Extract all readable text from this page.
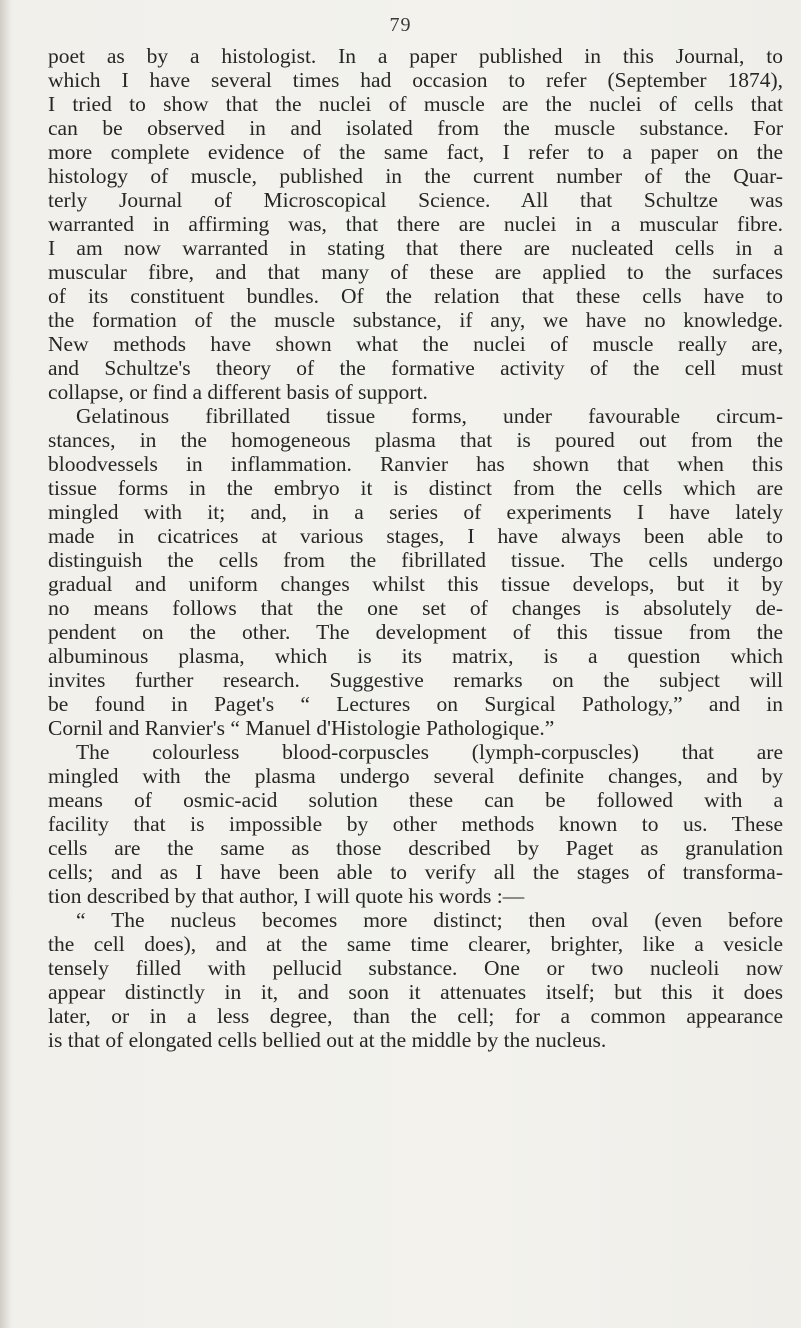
79
poet as by a histologist. In a paper published in this Journal, to
which I have several times had occasion to refer (September 1874),
I tried to show that the nuclei of muscle are the nuclei of cells that
can be observed in and isolated from the muscle substance. For
more complete evidence of the same fact, I refer to a paper on the
histology of muscle, published in the current number of the Quar-
terly Journal of Microscopical Science. All that Schultze was
warranted in affirming was, that there are nuclei in a muscular fibre.
I am now warranted in stating that there are nucleated cells in a
muscular fibre, and that many of these are applied to the surfaces
of its constituent bundles. Of the relation that these cells have to
the formation of the muscle substance, if any, we have no knowledge.
New methods have shown what the nuclei of muscle really are,
and Schultze's theory of the formative activity of the cell must
collapse, or find a different basis of support.
Gelatinous fibrillated tissue forms, under favourable circum-
stances, in the homogeneous plasma that is poured out from the
bloodvessels in inflammation. Ranvier has shown that when this
tissue forms in the embryo it is distinct from the cells which are
mingled with it; and, in a series of experiments I have lately
made in cicatrices at various stages, I have always been able to
distinguish the cells from the fibrillated tissue. The cells undergo
gradual and uniform changes whilst this tissue develops, but it by
no means follows that the one set of changes is absolutely de-
pendent on the other. The development of this tissue from the
albuminous plasma, which is its matrix, is a question which
invites further research. Suggestive remarks on the subject will
be found in Paget's “ Lectures on Surgical Pathology,” and in
Cornil and Ranvier's “ Manuel d'Histologie Pathologique.”
The colourless blood-corpuscles (lymph-corpuscles) that are
mingled with the plasma undergo several definite changes, and by
means of osmic-acid solution these can be followed with a
facility that is impossible by other methods known to us. These
cells are the same as those described by Paget as granulation
cells; and as I have been able to verify all the stages of transforma-
tion described by that author, I will quote his words :—
“ The nucleus becomes more distinct; then oval (even before
the cell does), and at the same time clearer, brighter, like a vesicle
tensely filled with pellucid substance. One or two nucleoli now
appear distinctly in it, and soon it attenuates itself; but this it does
later, or in a less degree, than the cell; for a common appearance
is that of elongated cells bellied out at the middle by the nucleus.
